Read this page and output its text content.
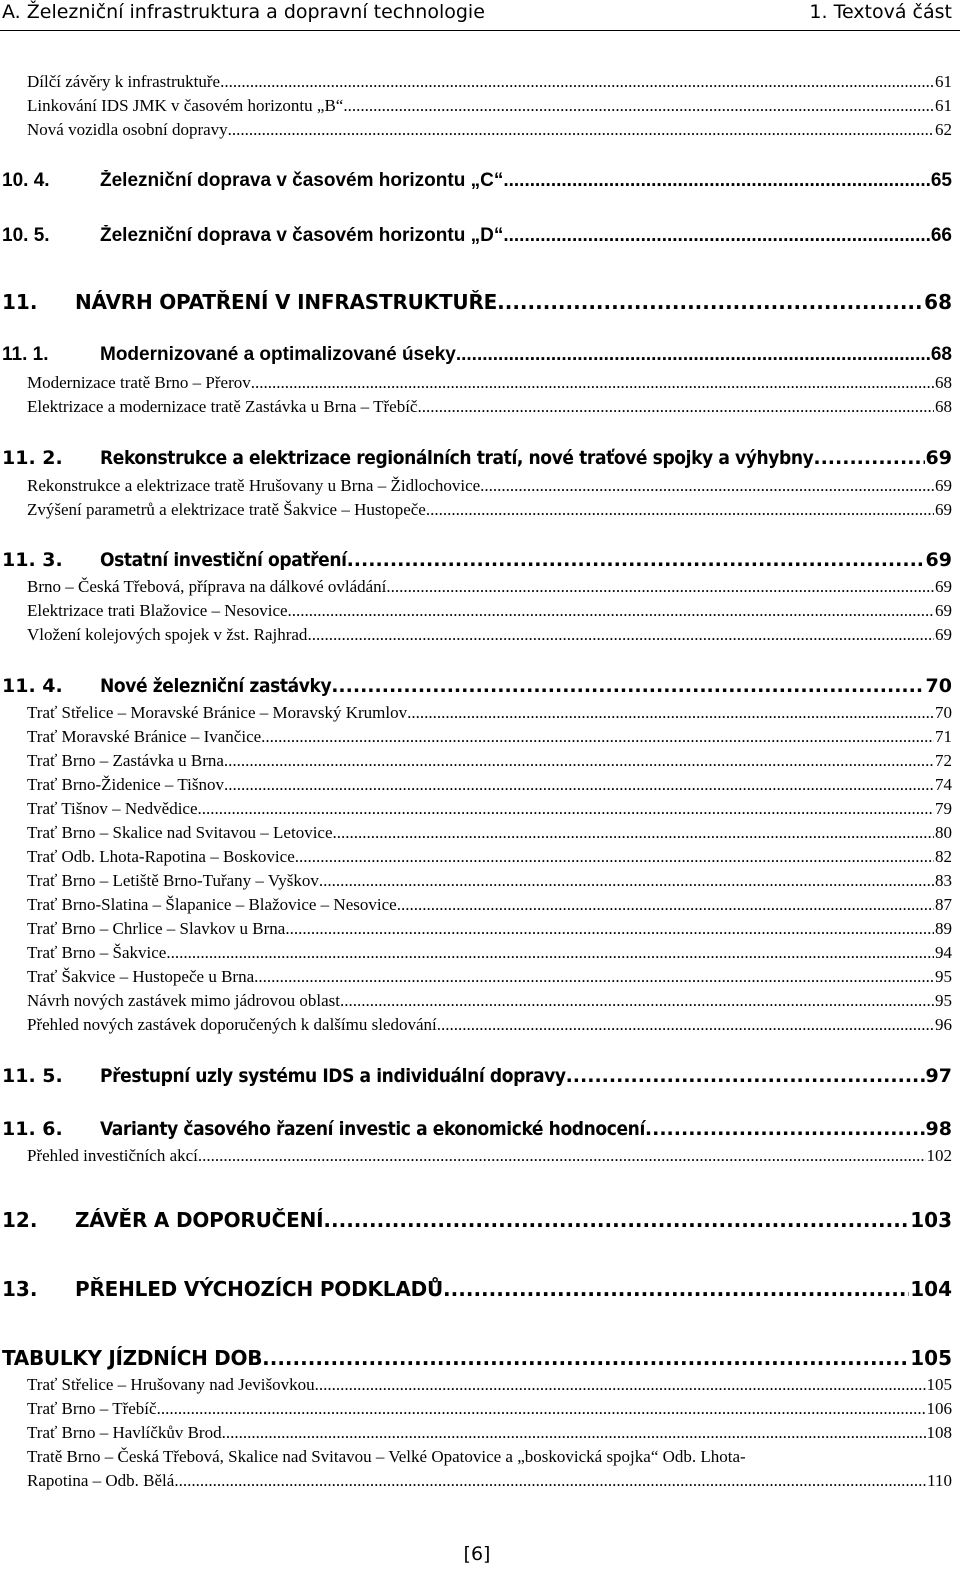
A. Železniční infrastruktura a dopravní technologie	1. Textová část
Dílčí závěry k infrastruktuře .....	61
Linkování IDS JMK v časovém horizontu „B“ .....	61
Nová vozidla osobní dopravy .....	62
10. 4.	Železniční doprava v časovém horizontu „C“ .....	65
10. 5.	Železniční doprava v časovém horizontu „D“ .....	66
11.	NÁVRH OPATŘENÍ V INFRASTRUKTUŘE .....	68
11. 1.	Modernizované a optimalizované úseky .....	68
Modernizace tratě Brno – Přerov .....	68
Elektrizace a modernizace tratě Zastávka u Brna – Třebíč .....	68
11. 2.	Rekonstrukce a elektrizace regionálních tratí, nové traťové spojky a výhybny .....	69
Rekonstrukce a elektrizace tratě Hrušovany u Brna – Židlochovice .....	69
Zvýšení parametrů a elektrizace tratě Šakvice – Hustopeče .....	69
11. 3.	Ostatní investiční opatření .....	69
Brno – Česká Třebová, příprava na dálkové ovládání .....	69
Elektrizace trati Blažovice – Nesovice .....	69
Vložení kolejových spojek v žst. Rajhrad .....	69
11. 4.	Nové železniční zastávky .....	70
Trať Střelice – Moravské Bránice – Moravský Krumlov .....	70
Trať Moravské Bránice – Ivančice .....	71
Trať Brno – Zastávka u Brna .....	72
Trať Brno-Židenice – Tišnov .....	74
Trať Tišnov – Nedvědice .....	79
Trať Brno – Skalice nad Svitavou – Letovice .....	80
Trať Odb. Lhota-Rapotina – Boskovice .....	82
Trať Brno – Letiště Brno-Tuřany – Vyškov .....	83
Trať Brno-Slatina – Šlapanice – Blažovice – Nesovice .....	87
Trať Brno – Chrlice – Slavkov u Brna .....	89
Trať Brno – Šakvice .....	94
Trať Šakvice – Hustopeče u Brna .....	95
Návrh nových zastávek mimo jádrovou oblast .....	95
Přehled nových zastávek doporučených k dalšímu sledování .....	96
11. 5.	Přestupní uzly systému IDS a individuální dopravy .....	97
11. 6.	Varianty časového řazení investic a ekonomické hodnocení .....	98
Přehled investičních akcí .....	102
12.	ZÁVĚR A DOPORUČENÍ .....	103
13.	PŘEHLED VÝCHOZÍCH PODKLADŮ .....	104
TABULKY JÍZDNÍCH DOB .....	105
Trať Střelice – Hrušovany nad Jevišovkou .....	105
Trať Brno – Třebíč .....	106
Trať Brno – Havlíčkův Brod .....	108
Tratě Brno – Česká Třebová, Skalice nad Svitavou – Velké Opatovice a „boskovická spojka“ Odb. Lhota-
Rapotina – Odb. Bělá .....	110
[6]
